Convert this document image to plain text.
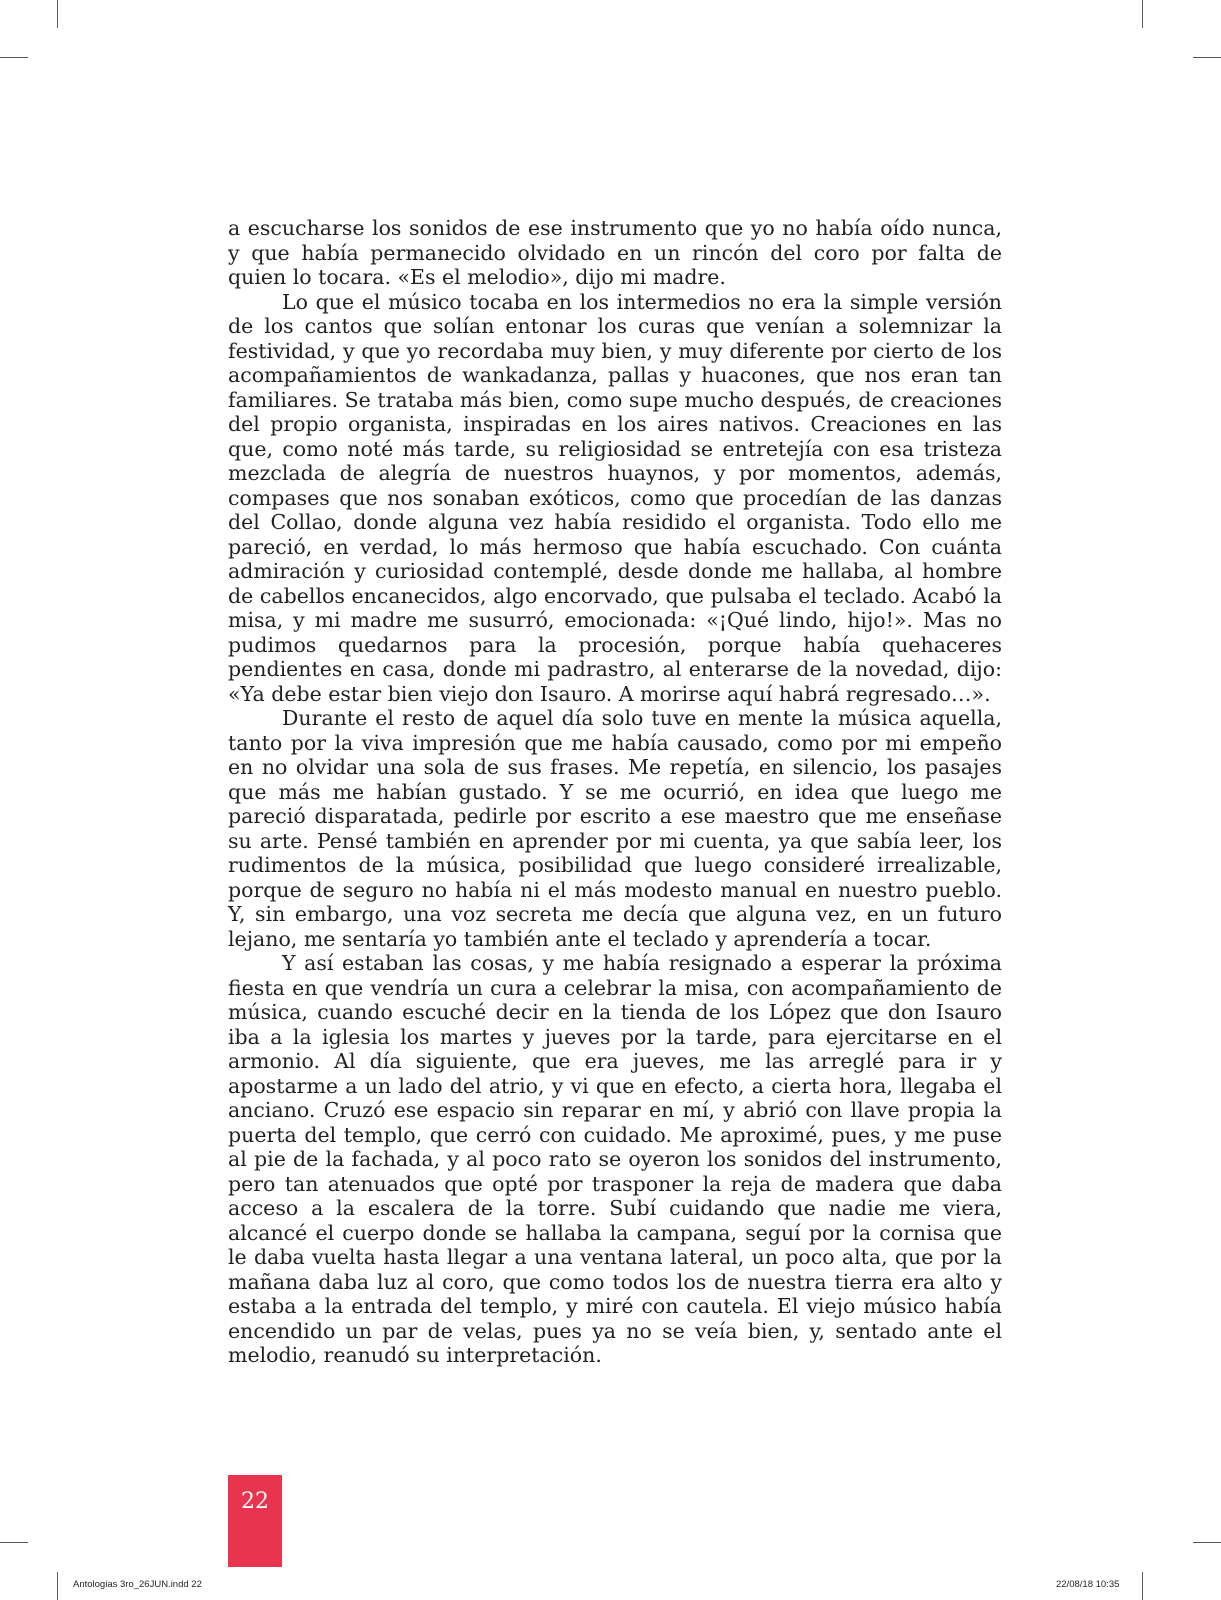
a escucharse los sonidos de ese instrumento que yo no había oído nunca, y que había permanecido olvidado en un rincón del coro por falta de quien lo tocara. «Es el melodio», dijo mi madre.

Lo que el músico tocaba en los intermedios no era la simple versión de los cantos que solían entonar los curas que venían a solemnizar la festividad, y que yo recordaba muy bien, y muy diferente por cierto de los acompañamientos de wankadanza, pallas y huacones, que nos eran tan familiares. Se trataba más bien, como supe mucho después, de creaciones del propio organista, inspiradas en los aires nativos. Creaciones en las que, como noté más tarde, su religiosidad se entretejía con esa tristeza mezclada de alegría de nuestros huaynos, y por momentos, además, compases que nos sonaban exóticos, como que procedían de las danzas del Collao, donde alguna vez había residido el organista. Todo ello me pareció, en verdad, lo más hermoso que había escuchado. Con cuánta admiración y curiosidad contemplé, desde donde me hallaba, al hombre de cabellos encanecidos, algo encorvado, que pulsaba el teclado. Acabó la misa, y mi madre me susurró, emocionada: «¡Qué lindo, hijo!». Mas no pudimos quedarnos para la procesión, porque había quehaceres pendientes en casa, donde mi padrastro, al enterarse de la novedad, dijo: «Ya debe estar bien viejo don Isauro. A morirse aquí habrá regresado…».

Durante el resto de aquel día solo tuve en mente la música aquella, tanto por la viva impresión que me había causado, como por mi empeño en no olvidar una sola de sus frases. Me repetía, en silencio, los pasajes que más me habían gustado. Y se me ocurrió, en idea que luego me pareció disparatada, pedirle por escrito a ese maestro que me enseñase su arte. Pensé también en aprender por mi cuenta, ya que sabía leer, los rudimentos de la música, posibilidad que luego consideré irrealizable, porque de seguro no había ni el más modesto manual en nuestro pueblo. Y, sin embargo, una voz secreta me decía que alguna vez, en un futuro lejano, me sentaría yo también ante el teclado y aprendería a tocar.

Y así estaban las cosas, y me había resignado a esperar la próxima fiesta en que vendría un cura a celebrar la misa, con acompañamiento de música, cuando escuché decir en la tienda de los López que don Isauro iba a la iglesia los martes y jueves por la tarde, para ejercitarse en el armonio. Al día siguiente, que era jueves, me las arreglé para ir y apostarme a un lado del atrio, y vi que en efecto, a cierta hora, llegaba el anciano. Cruzó ese espacio sin reparar en mí, y abrió con llave propia la puerta del templo, que cerró con cuidado. Me aproximé, pues, y me puse al pie de la fachada, y al poco rato se oyeron los sonidos del instrumento, pero tan atenuados que opté por trasponer la reja de madera que daba acceso a la escalera de la torre. Subí cuidando que nadie me viera, alcancé el cuerpo donde se hallaba la campana, seguí por la cornisa que le daba vuelta hasta llegar a una ventana lateral, un poco alta, que por la mañana daba luz al coro, que como todos los de nuestra tierra era alto y estaba a la entrada del templo, y miré con cautela. El viejo músico había encendido un par de velas, pues ya no se veía bien, y, sentado ante el melodio, reanudó su interpretación.

22
Antologias 3ro_26JUN.indd 22	22/08/18 10:35
